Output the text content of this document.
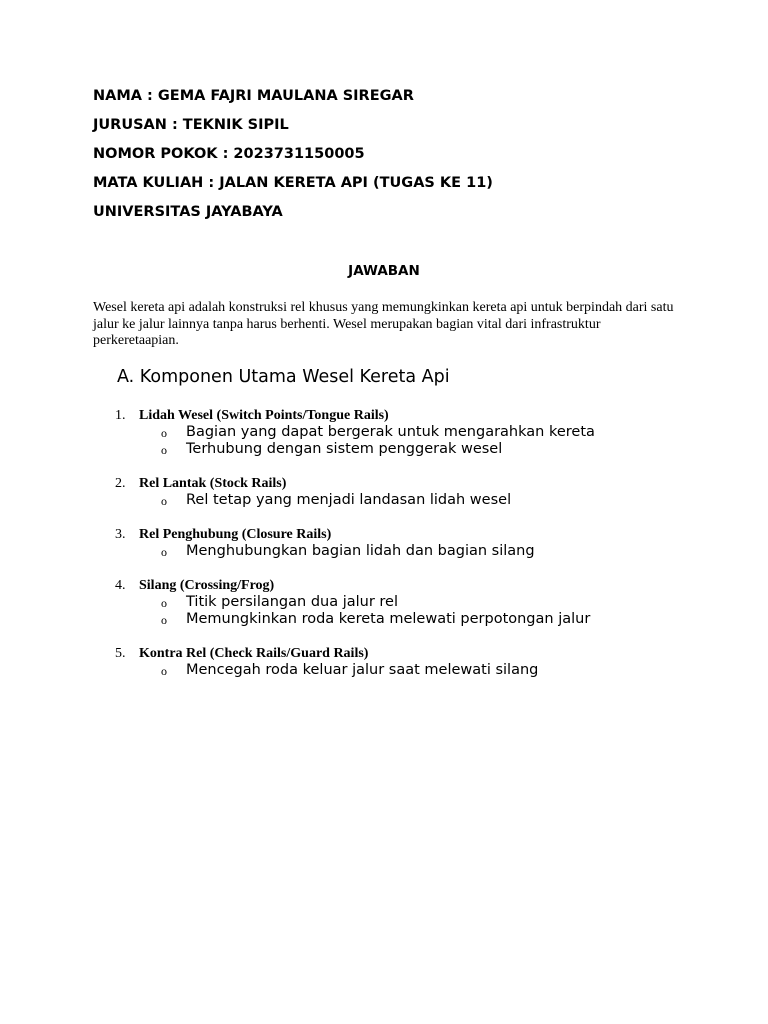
NAMA : GEMA FAJRI MAULANA SIREGAR
JURUSAN : TEKNIK SIPIL
NOMOR POKOK : 2023731150005
MATA KULIAH : JALAN KERETA API (TUGAS KE 11)
UNIVERSITAS JAYABAYA
JAWABAN
Wesel kereta api adalah konstruksi rel khusus yang memungkinkan kereta api untuk berpindah dari satu jalur ke jalur lainnya tanpa harus berhenti. Wesel merupakan bagian vital dari infrastruktur perkeretaapian.
A. Komponen Utama Wesel Kereta Api
1. Lidah Wesel (Switch Points/Tongue Rails)
o Bagian yang dapat bergerak untuk mengarahkan kereta
o Terhubung dengan sistem penggerak wesel
2. Rel Lantak (Stock Rails)
o Rel tetap yang menjadi landasan lidah wesel
3. Rel Penghubung (Closure Rails)
o Menghubungkan bagian lidah dan bagian silang
4. Silang (Crossing/Frog)
o Titik persilangan dua jalur rel
o Memungkinkan roda kereta melewati perpotongan jalur
5. Kontra Rel (Check Rails/Guard Rails)
o Mencegah roda keluar jalur saat melewati silang
